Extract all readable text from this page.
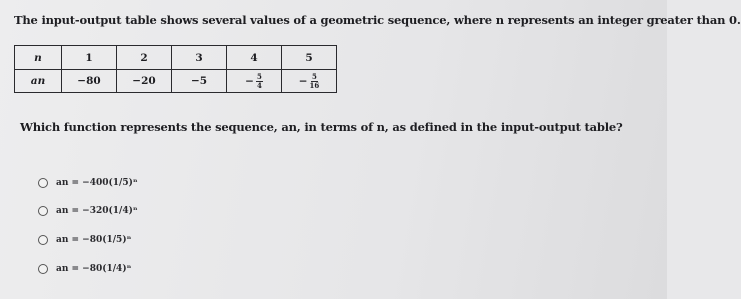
The input-output table shows several values of a geometric sequence, where n represents an integer greater than 0.
n	1	2	3	4	5
an	−80	−20	−5	− $\frac{5}{4}$	− $\frac{5}{16}$
Which function represents the sequence, an, in terms of n, as defined in the input-output table?
an = −400(1/5)ⁿ
an = −320(1/4)ⁿ
an = −80(1/5)ⁿ
an = −80(1/4)ⁿ
